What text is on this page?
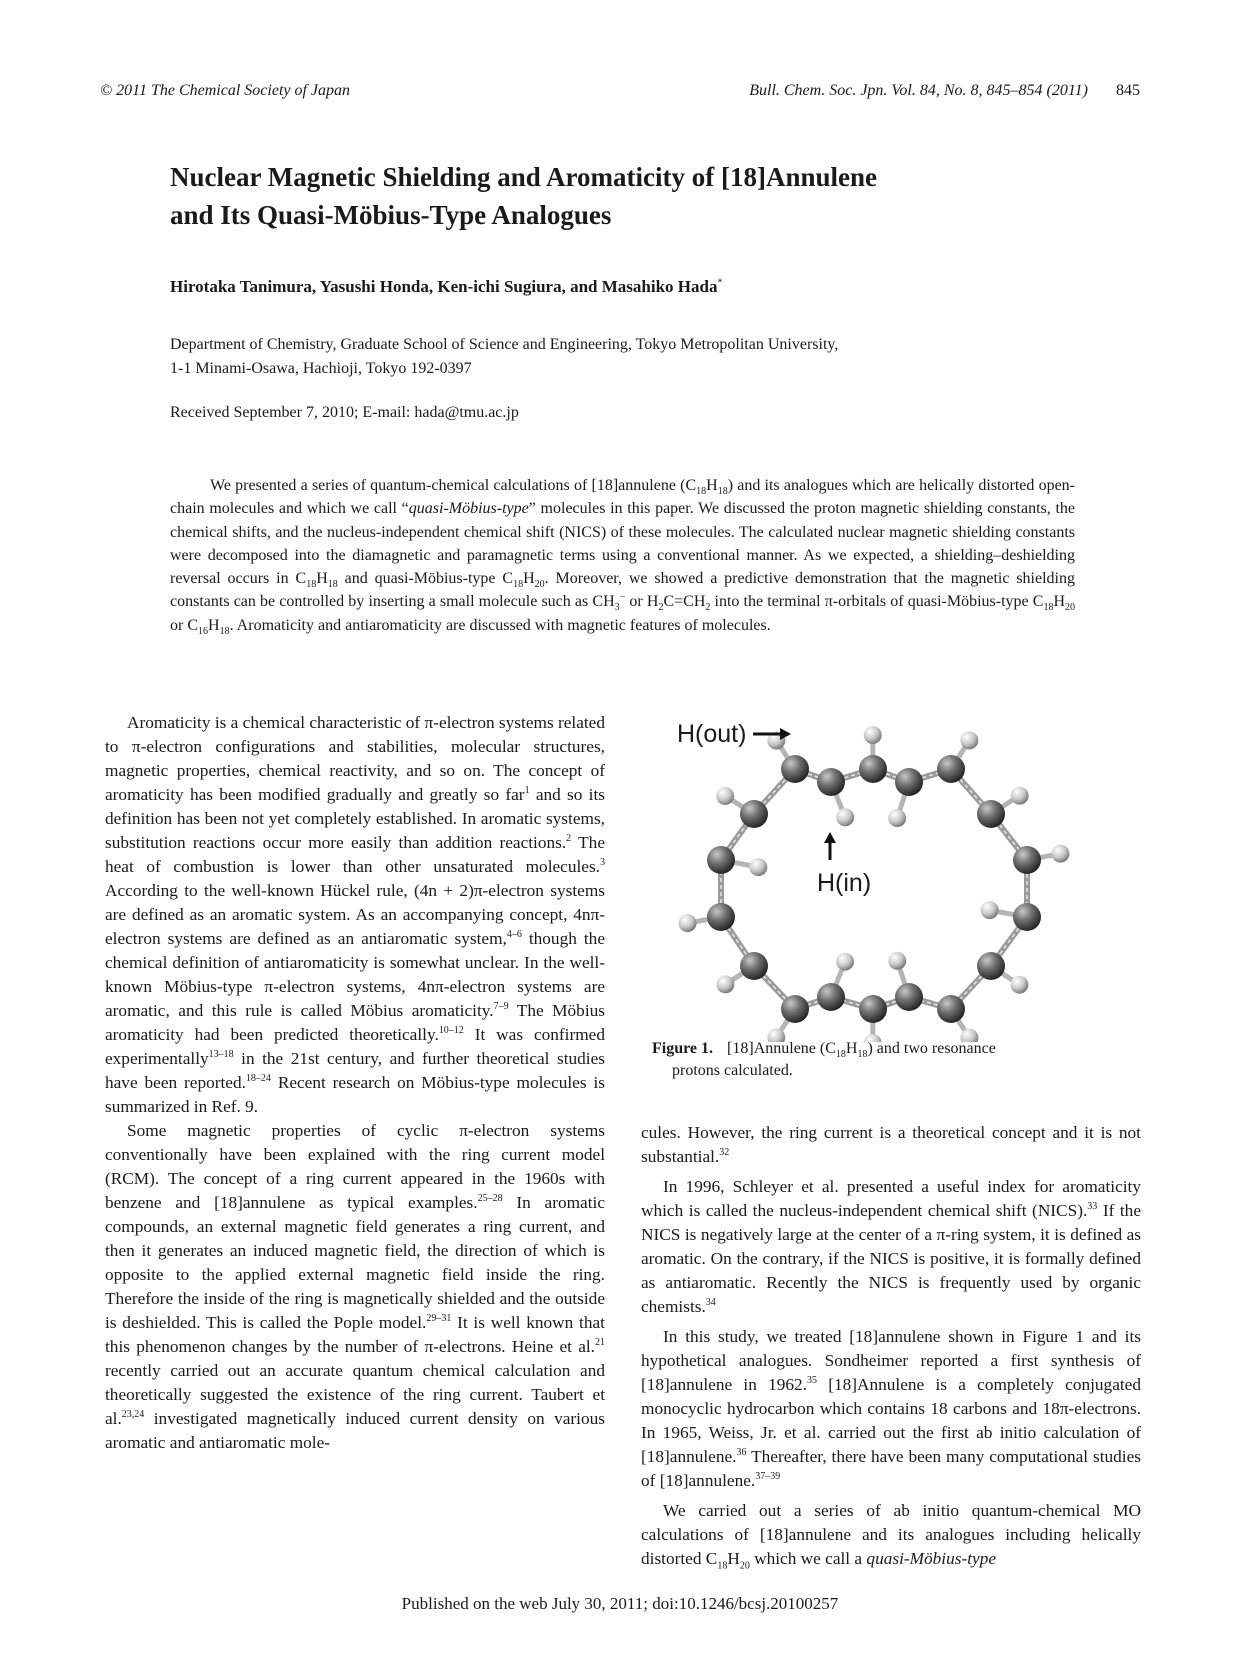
© 2011 The Chemical Society of Japan	Bull. Chem. Soc. Jpn. Vol. 84, No. 8, 845–854 (2011) 845
Nuclear Magnetic Shielding and Aromaticity of [18]Annulene
and Its Quasi-Möbius-Type Analogues
Hirotaka Tanimura, Yasushi Honda, Ken-ichi Sugiura, and Masahiko Hada*
Department of Chemistry, Graduate School of Science and Engineering, Tokyo Metropolitan University,
1-1 Minami-Osawa, Hachioji, Tokyo 192-0397
Received September 7, 2010; E-mail: hada@tmu.ac.jp
We presented a series of quantum-chemical calculations of [18]annulene $(C_{18}H_{18})$ and its analogues which are helically distorted open-chain molecules and which we call “quasi-Möbius-type” molecules in this paper. We discussed the proton magnetic shielding constants, the chemical shifts, and the nucleus-independent chemical shift (NICS) of these molecules. The calculated nuclear magnetic shielding constants were decomposed into the diamagnetic and paramagnetic terms using a conventional manner. As we expected, a shielding–deshielding reversal occurs in $C_{18}H_{18}$ and quasi-Möbius-type $C_{18}H_{20}$. Moreover, we showed a predictive demonstration that the magnetic shielding constants can be controlled by inserting a small molecule such as $CH_3^-$ or $H_2C=CH_2$ into the terminal π-orbitals of quasi-Möbius-type $C_{18}H_{20}$ or $C_{16}H_{18}$. Aromaticity and antiaromaticity are discussed with magnetic features of molecules.

Aromaticity is a chemical characteristic of π-electron systems related to π-electron configurations and stabilities, molecular structures, magnetic properties, chemical reactivity, and so on. The concept of aromaticity has been modified gradually and greatly so far$^1$ and so its definition has been not yet completely established. In aromatic systems, substitution reactions occur more easily than addition reactions.$^2$ The heat of combustion is lower than other unsaturated molecules.$^3$ According to the well-known Hückel rule, (4n + 2)π-electron systems are defined as an aromatic system. As an accompanying concept, 4nπ-electron systems are defined as an antiaromatic system,$^{4-6}$ though the chemical definition of antiaromaticity is somewhat unclear. In the well-known Möbius-type π-electron systems, 4nπ-electron systems are aromatic, and this rule is called Möbius aromaticity.$^{7-9}$ The Möbius aromaticity had been predicted theoretically.$^{10-12}$ It was confirmed experimentally$^{13-18}$ in the 21st century, and further theoretical studies have been reported.$^{18-24}$ Recent research on Möbius-type molecules is summarized in Ref. 9.

Some magnetic properties of cyclic π-electron systems conventionally have been explained with the ring current model (RCM). The concept of a ring current appeared in the 1960s with benzene and [18]annulene as typical examples.$^{25-28}$ In aromatic compounds, an external magnetic field generates a ring current, and then it generates an induced magnetic field, the direction of which is opposite to the applied external magnetic field inside the ring. Therefore the inside of the ring is magnetically shielded and the outside is deshielded. This is called the Pople model.$^{29-31}$ It is well known that this phenomenon changes by the number of π-electrons. Heine et al.$^{21}$ recently carried out an accurate quantum chemical calculation and theoretically suggested the existence of the ring current. Taubert et al.$^{23,24}$ investigated magnetically induced current density on various aromatic and antiaromatic mole-

H(out)
H(in)
Figure 1. [18]Annulene $(C_{18}H_{18})$ and two resonance
protons calculated.

cules. However, the ring current is a theoretical concept and it is not substantial.$^{32}$

In 1996, Schleyer et al. presented a useful index for aromaticity which is called the nucleus-independent chemical shift (NICS).$^{33}$ If the NICS is negatively large at the center of a π-ring system, it is defined as aromatic. On the contrary, if the NICS is positive, it is formally defined as antiaromatic. Recently the NICS is frequently used by organic chemists.$^{34}$

In this study, we treated [18]annulene shown in Figure 1 and its hypothetical analogues. Sondheimer reported a first synthesis of [18]annulene in 1962.35 [18]Annulene is a completely conjugated monocyclic hydrocarbon which contains 18 carbons and 18π-electrons. In 1965, Weiss, Jr. et al. carried out the first ab initio calculation of [18]annulene.$^{36}$ Thereafter, there have been many computational studies of [18]annulene.$^{37-39}$

We carried out a series of ab initio quantum-chemical MO calculations of [18]annulene and its analogues including helically distorted $C_{18}H_{20}$ which we call a quasi-Möbius-type

Published on the web July 30, 2011; doi:10.1246/bcsj.20100257
